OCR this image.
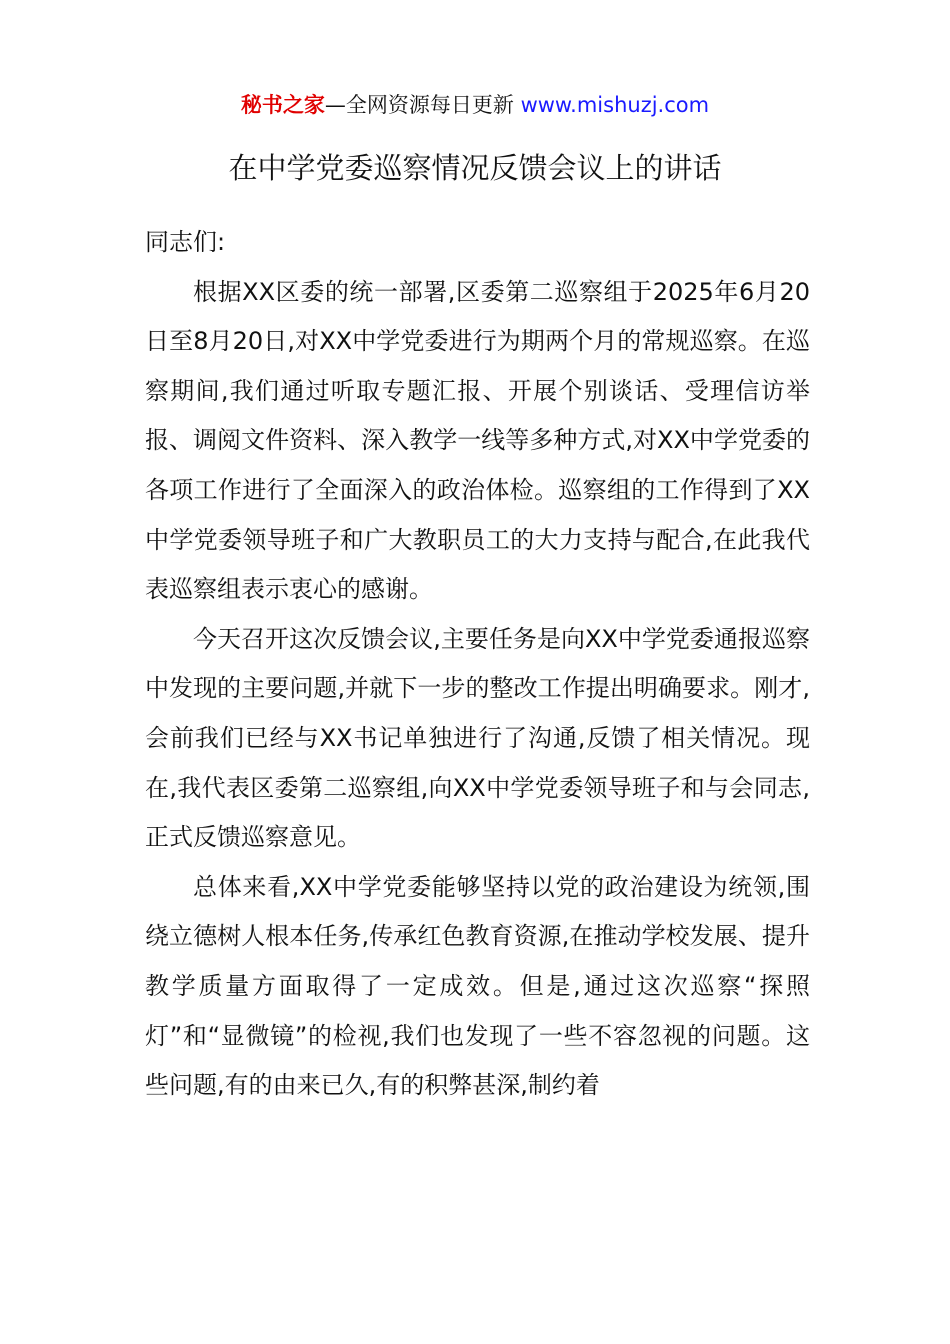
秘书之家—全网资源每日更新 www.mishuzj.com
在中学党委巡察情况反馈会议上的讲话

同志们:

根据XX区委的统一部署,区委第二巡察组于2025年6月20日至8月20日,对XX中学党委进行为期两个月的常规巡察。在巡察期间,我们通过听取专题汇报、开展个别谈话、受理信访举报、调阅文件资料、深入教学一线等多种方式,对XX中学党委的各项工作进行了全面深入的政治体检。巡察组的工作得到了XX中学党委领导班子和广大教职员工的大力支持与配合,在此我代表巡察组表示衷心的感谢。

今天召开这次反馈会议,主要任务是向XX中学党委通报巡察中发现的主要问题,并就下一步的整改工作提出明确要求。刚才,会前我们已经与XX书记单独进行了沟通,反馈了相关情况。现在,我代表区委第二巡察组,向XX中学党委领导班子和与会同志,正式反馈巡察意见。

总体来看,XX中学党委能够坚持以党的政治建设为统领,围绕立德树人根本任务,传承红色教育资源,在推动学校发展、提升教学质量方面取得了一定成效。但是,通过这次巡察“探照灯”和“显微镜”的检视,我们也发现了一些不容忽视的问题。这些问题,有的由来已久,有的积弊甚深,制约着
